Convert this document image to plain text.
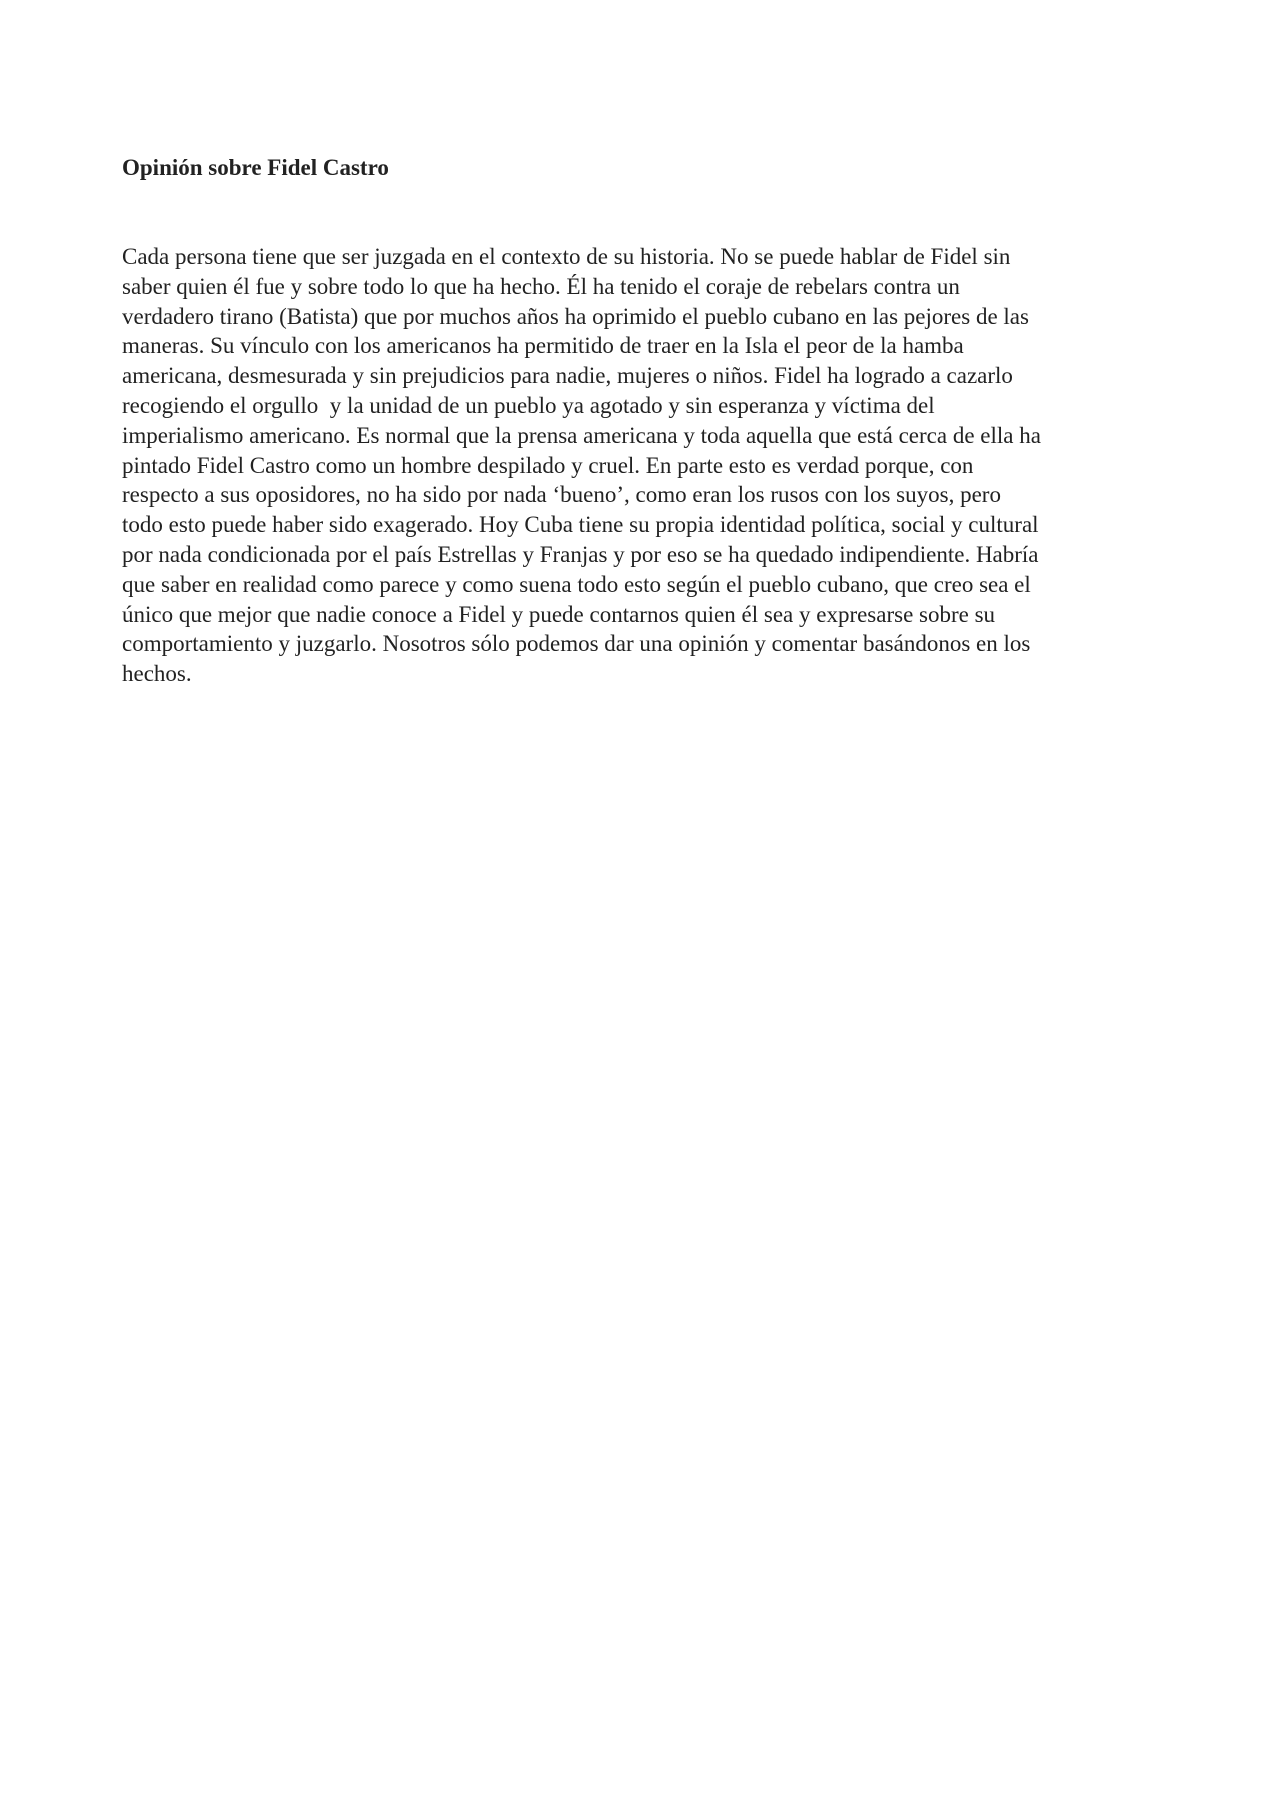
Opinión sobre Fidel Castro
Cada persona tiene que ser juzgada en el contexto de su historia. No se puede hablar de Fidel sin
saber quien él fue y sobre todo lo que ha hecho. Él ha tenido el coraje de rebelars contra un
verdadero tirano (Batista) que por muchos años ha oprimido el pueblo cubano en las pejores de las
maneras. Su vínculo con los americanos ha permitido de traer en la Isla el peor de la hamba
americana, desmesurada y sin prejudicios para nadie, mujeres o niños. Fidel ha logrado a cazarlo
recogiendo el orgullo  y la unidad de un pueblo ya agotado y sin esperanza y víctima del
imperialismo americano. Es normal que la prensa americana y toda aquella que está cerca de ella ha
pintado Fidel Castro como un hombre despilado y cruel. En parte esto es verdad porque, con
respecto a sus oposidores, no ha sido por nada ‘bueno’, como eran los rusos con los suyos, pero
todo esto puede haber sido exagerado. Hoy Cuba tiene su propia identidad política, social y cultural
por nada condicionada por el país Estrellas y Franjas y por eso se ha quedado indipendiente. Habría
que saber en realidad como parece y como suena todo esto según el pueblo cubano, que creo sea el
único que mejor que nadie conoce a Fidel y puede contarnos quien él sea y expresarse sobre su
comportamiento y juzgarlo. Nosotros sólo podemos dar una opinión y comentar basándonos en los
hechos.
